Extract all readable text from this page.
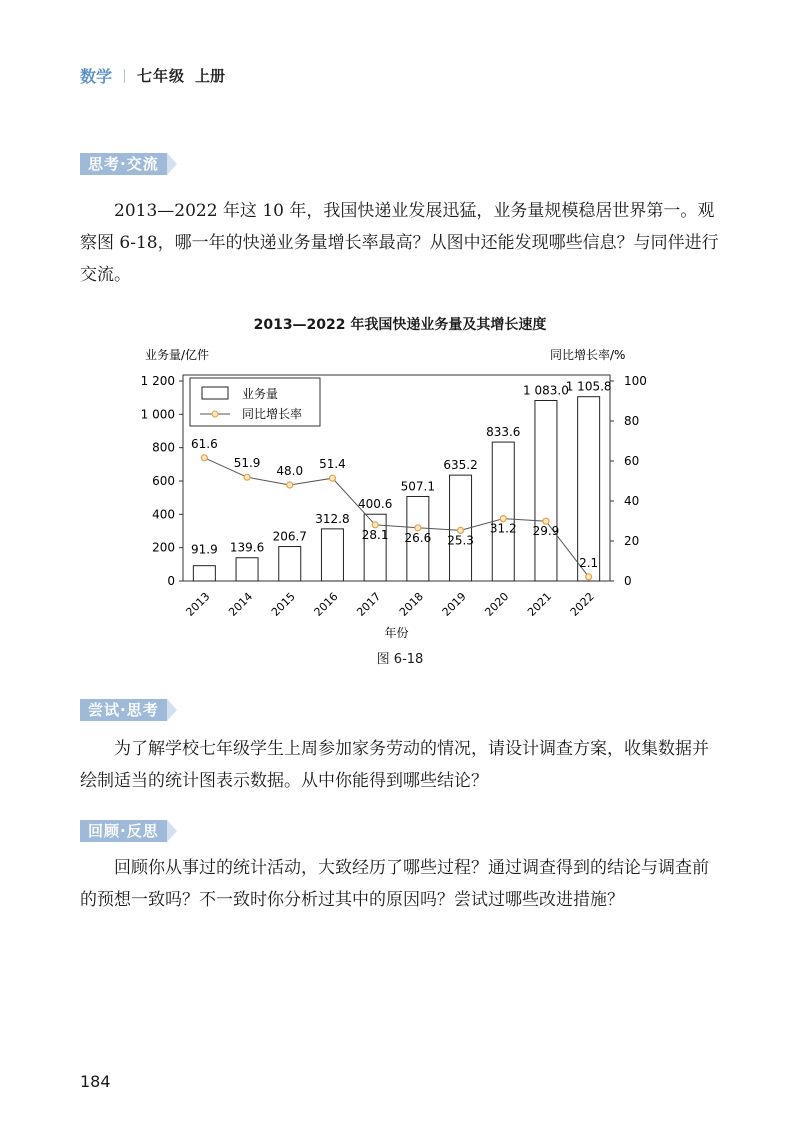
数学 七年级 上册
思考·交流
2013—2022 年这 10 年，我国快递业发展迅猛，业务量规模稳居世界第一。观察图 6-18，哪一年的快递业务量增长率最高？从图中还能发现哪些信息？与同伴进行交流。
2013—2022 年我国快递业务量及其增长速度
0
200
400
600
800
1 000
1 200
0
20
40
60
80
100
业务量/亿件	同比增长率/%
年份
2013 2014 2015 2016 2017 2018 2019 2020 2021 2022
91.9 139.6
206.7
312.8
400.6
507.1
635.2
833.6
1 083.0
1 105.8
61.6
51.9
48.0 51.4
28.1 26.6 25.3
31.2 29.9
2.1
业务量
同比增长率
图 6-18
尝试·思考
为了解学校七年级学生上周参加家务劳动的情况，请设计调查方案，收集数据并绘制适当的统计图表示数据。从中你能得到哪些结论？
回顾·反思
回顾你从事过的统计活动，大致经历了哪些过程？通过调查得到的结论与调查前的预想一致吗？不一致时你分析过其中的原因吗？尝试过哪些改进措施？
184
